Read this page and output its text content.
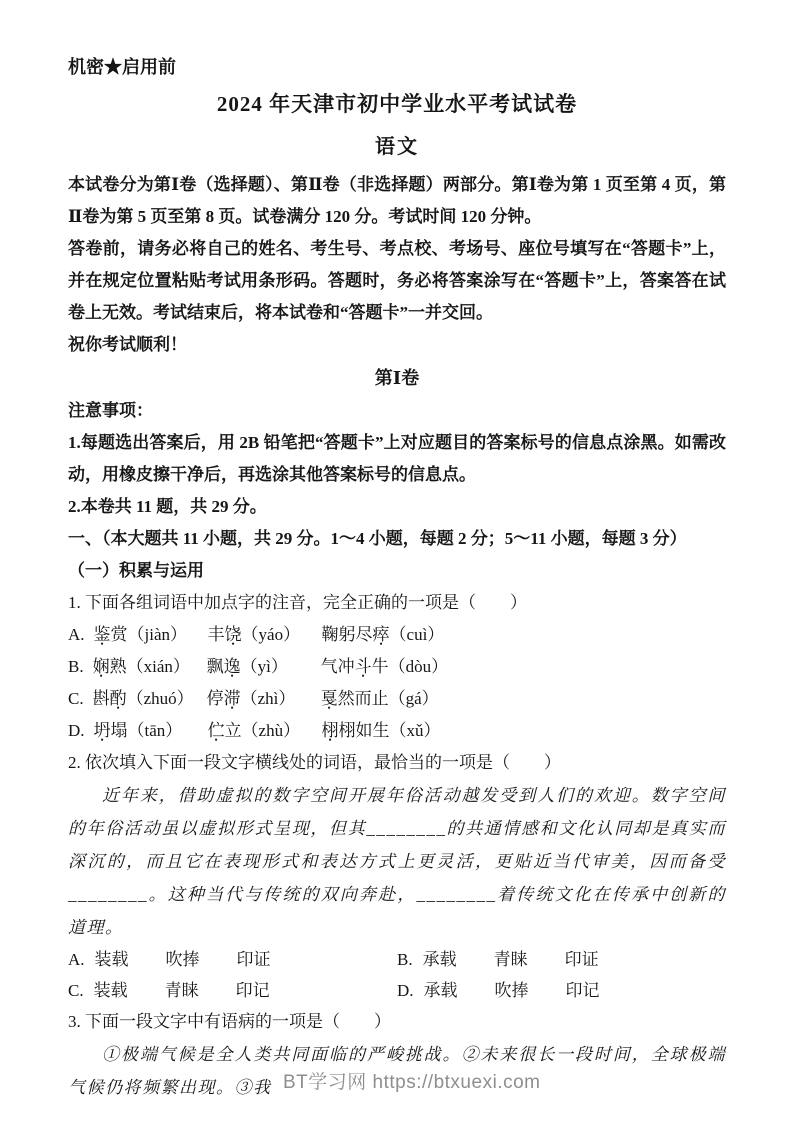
机密★启用前

2024 年天津市初中学业水平考试试卷
语文

本试卷分为第Ⅰ卷（选择题）、第Ⅱ卷（非选择题）两部分。第Ⅰ卷为第 1 页至第 4 页，第Ⅱ卷为第 5 页至第 8 页。试卷满分 120 分。考试时间 120 分钟。

答卷前，请务必将自己的姓名、考生号、考点校、考场号、座位号填写在“答题卡”上，并在规定位置粘贴考试用条形码。答题时，务必将答案涂写在“答题卡”上，答案答在试卷上无效。考试结束后，将本试卷和“答题卡”一并交回。

祝你考试顺利！

第Ⅰ卷

注意事项：

1.每题选出答案后，用 2B 铅笔把“答题卡”上对应题目的答案标号的信息点涂黑。如需改动，用橡皮擦干净后，再选涂其他答案标号的信息点。

2.本卷共 11 题，共 29 分。

一、（本大题共 11 小题，共 29 分。1～4 小题，每题 2 分；5～11 小题，每题 3 分）

（一）积累与运用

1. 下面各组词语中加点字的注音，完全正确的一项是（　　）

A. 鉴赏（jiàn） 丰饶（yáo） 鞠躬尽瘁（cuì）
B. 娴熟（xián） 飘逸（yì） 气冲斗牛（dòu）
C. 斟酌（zhuó） 停滞（zhì） 戛然而止（gá）
D. 坍塌（tān） 伫立（zhù） 栩栩如生（xǔ）

2. 依次填入下面一段文字横线处的词语，最恰当的一项是（　　）

近年来，借助虚拟的数字空间开展年俗活动越发受到人们的欢迎。数字空间的年俗活动虽以虚拟形式呈现，但其________的共通情感和文化认同却是真实而深沉的，而且它在表现形式和表达方式上更灵活，更贴近当代审美，因而备受________。这种当代与传统的双向奔赴，________着传统文化在传承中创新的道理。

A. 装载 吹捧 印证	B. 承载 青睐 印证
C. 装载 青睐 印记	D. 承载 吹捧 印记

3. 下面一段文字中有语病的一项是（　　）

①极端气候是全人类共同面临的严峻挑战。②未来很长一段时间，全球极端气候仍将频繁出现。③我 BT学习网 https://btxuexi.com
